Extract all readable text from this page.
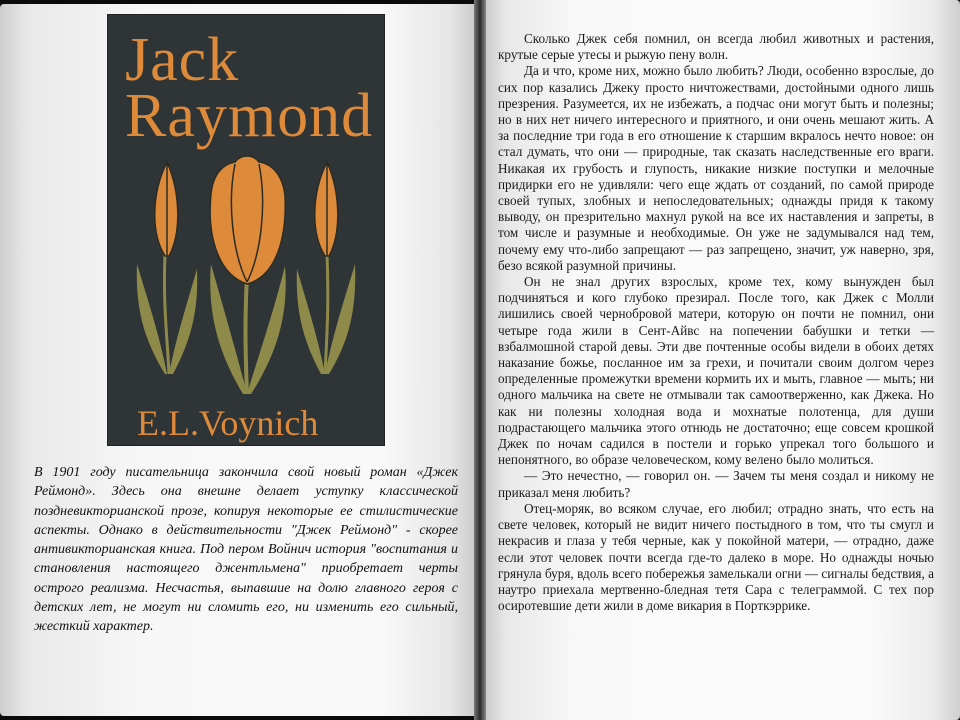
Jack
Raymond
E.L.Voynich
В 1901 году писательница закончила свой новый роман «Джек Реймонд». Здесь она внешне делает уступку классической поздневикторианской прозе, копируя некоторые ее стилистические аспекты. Однако в действительности "Джек Реймонд" - скорее антивикторианская книга. Под пером Войнич история "воспитания и становления настоящего джентльмена" приобретает черты острого реализма. Несчастья, выпавшие на долю главного героя с детских лет, не могут ни сломить его, ни изменить его сильный, жесткий характер.

Сколько Джек себя помнил, он всегда любил животных и растения, крутые серые утесы и рыжую пену волн.

Да и что, кроме них, можно было любить? Люди, особенно взрослые, до сих пор казались Джеку просто ничтожествами, достойными одного лишь презрения. Разумеется, их не избежать, а подчас они могут быть и полезны; но в них нет ничего интересного и приятного, и они очень мешают жить. А за последние три года в его отношение к старшим вкралось нечто новое: он стал думать, что они — природные, так сказать наследственные его враги. Никакая их грубость и глупость, никакие низкие поступки и мелочные придирки его не удивляли: чего еще ждать от созданий, по самой природе своей тупых, злобных и непоследовательных; однажды придя к такому выводу, он презрительно махнул рукой на все их наставления и запреты, в том числе и разумные и необходимые. Он уже не задумывался над тем, почему ему что-либо запрещают — раз запрещено, значит, уж наверно, зря, безо всякой разумной причины.

Он не знал других взрослых, кроме тех, кому вынужден был подчиняться и кого глубоко презирал. После того, как Джек с Молли лишились своей чернобровой матери, которую он почти не помнил, они четыре года жили в Сент-Айвс на попечении бабушки и тетки — взбалмошной старой девы. Эти две почтенные особы видели в обоих детях наказание божье, посланное им за грехи, и почитали своим долгом через определенные промежутки времени кормить их и мыть, главное — мыть; ни одного мальчика на свете не отмывали так самоотверженно, как Джека. Но как ни полезны холодная вода и мохнатые полотенца, для души подрастающего мальчика этого отнюдь не достаточно; еще совсем крошкой Джек по ночам садился в постели и горько упрекал того большого и непонятного, во образе человеческом, кому велено было молиться.

— Это нечестно, — говорил он. — Зачем ты меня создал и никому не приказал меня любить?

Отец-моряк, во всяком случае, его любил; отрадно знать, что есть на свете человек, который не видит ничего постыдного в том, что ты смугл и некрасив и глаза у тебя черные, как у покойной матери, — отрадно, даже если этот человек почти всегда где-то далеко в море. Но однажды ночью грянула буря, вдоль всего побережья замелькали огни — сигналы бедствия, а наутро приехала мертвенно-бледная тетя Сара с телеграммой. С тех пор осиротевшие дети жили в доме викария в Порткэррике.
